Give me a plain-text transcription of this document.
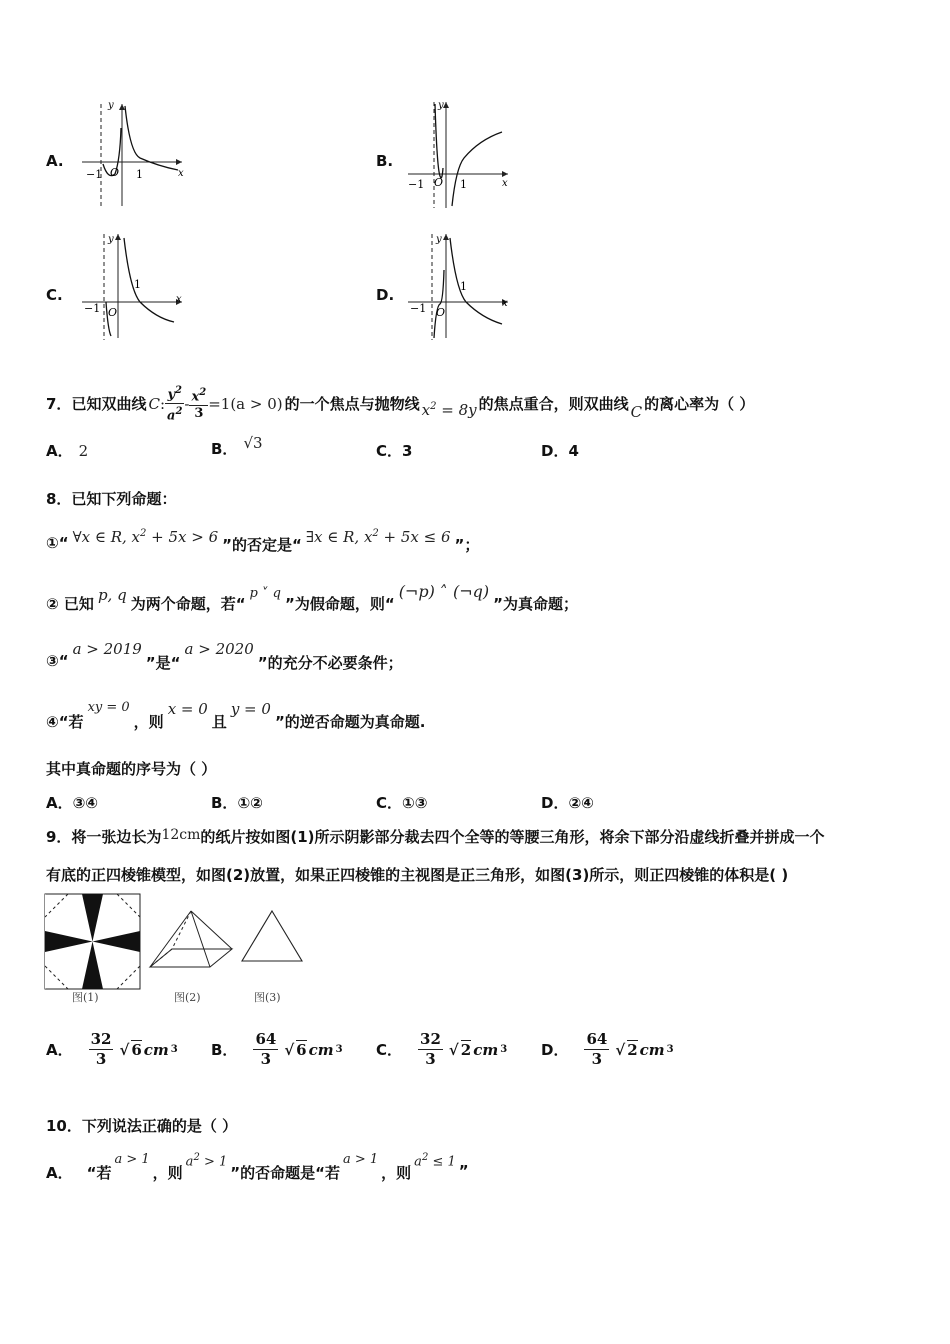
A.
x
y
O
−1	1
B.
x
y
O
−1	1
C.	x
y
O
−1
1
D.	x
y
O
−1
1
7． 已知双曲线 C : $\frac{y^2}{a^2} - \frac{x^2}{3} =1(a > 0)$ 的一个焦点与抛物线 $x^2 = 8y$ 的焦点重合，则双曲线 C 的离心率为（ ）
A． 2	B． √3	C．3	D．4
8．已知下列命题：
①“ ∀x ∈ R, $x^2 + 5x > 6$ ”的否定是“ ∃x ∈ R, $x^2 + 5x \le 6$ ”；
② 已知 p, q 为两个命题，若“
p ˅ q
”为假命题，则“
(¬p) ˄ (¬q)
”为真命题；
③“
a > 2019
”是“
a > 2020
”的充分不必要条件；
④“若
xy = 0
，则
x = 0
且
y = 0
”的逆否命题为真命题.
其中真命题的序号为（ ）
A．③④	B．①②	C．①③	D．②④
9．将一张边长为 12cm 的纸片按如图(1)所示阴影部分裁去四个全等的等腰三角形，将余下部分沿虚线折叠并拼成一个
有底的正四棱锥模型，如图(2)放置，如果正四棱锥的主视图是正三角形，如图(3)所示，则正四棱锥的体积是( )
图(1)	图(2)	图(3)
A． $\frac{32}{3}$ √ 6 cm 3 B． $\frac{64}{3}$ √ 6 cm 3 C． $\frac{32}{3}$ √ 2 cm 3 D． $\frac{64}{3}$ √ 2 cm 3
10．下列说法正确的是（ ）
A． “若
a > 1
，则
$a^2 > 1$
”的否命题是“若
a > 1
，则
$a^2 \le 1$
”
